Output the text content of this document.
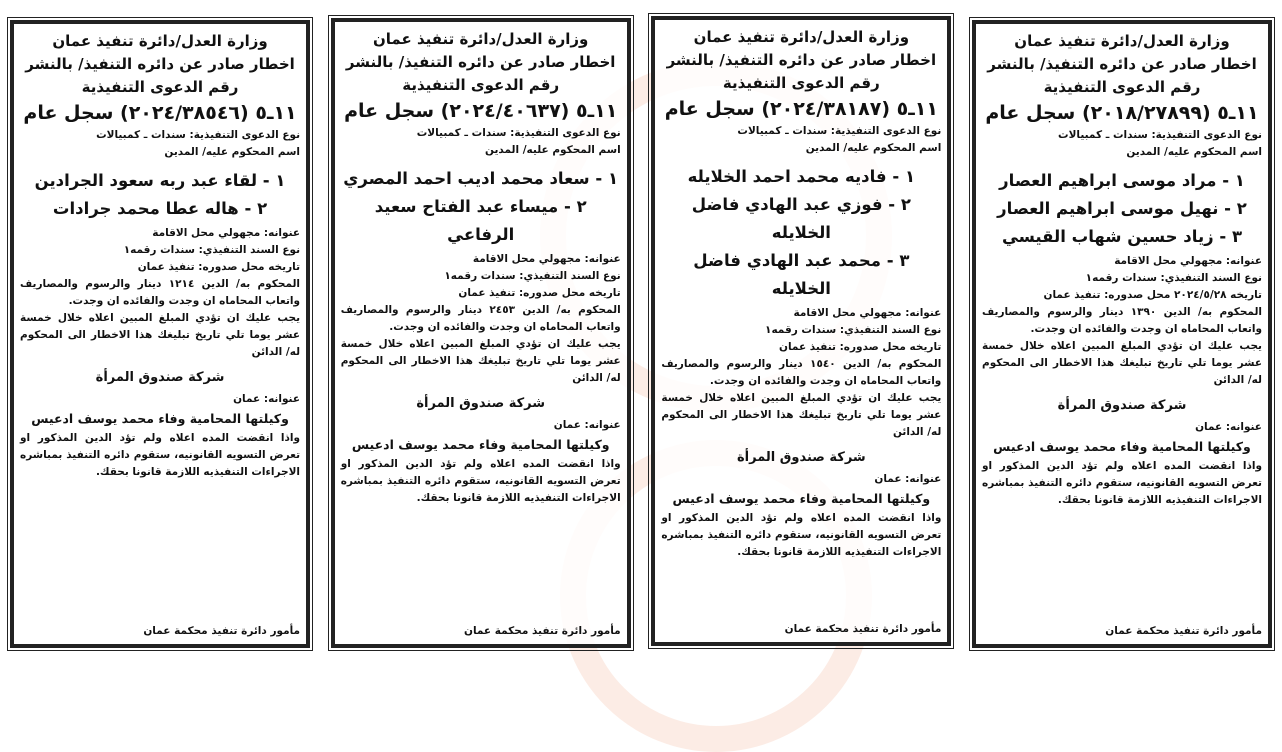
وزارة العدل/دائرة تنفيذ عمان
اخطار صادر عن دائره التنفيذ/ بالنشر
رقم الدعوى التنفيذية
١١ـ٥ (٢٠١٨/٢٧٨٩٩) سجل عام
نوع الدعوى التنفيذية: سندات ـ كمبيالات
اسم المحكوم عليه/ المدين
١ - مراد موسى ابراهيم العصار
٢ - نهيل موسى ابراهيم العصار
٣ - زياد حسين شهاب القيسي
عنوانه: مجهولي محل الاقامة
نوع السند التنفيذي: سندات رقمه١
تاريخه ٢٠٢٤/٥/٢٨ محل صدوره: تنفيذ عمان
المحكوم به/ الدين ١٣٩٠ دينار والرسوم والمصاريف واتعاب المحاماه ان وجدت والفائده ان وجدت.
يجب عليك ان تؤدي المبلغ المبين اعلاه خلال خمسة عشر يوما تلي تاريخ تبليغك هذا الاخطار الى المحكوم له/ الدائن
شركة صندوق المرأة
عنوانه: عمان
وكيلتها المحامية وفاء محمد يوسف ادعيس
واذا انقضت المده اعلاه ولم تؤد الدين المذكور او تعرض التسويه القانونيه، ستقوم دائره التنفيذ بمباشره الاجراءات التنفيذيه اللازمة قانونا بحقك.
مأمور دائرة تنفيذ محكمة عمان
وزارة العدل/دائرة تنفيذ عمان
اخطار صادر عن دائره التنفيذ/ بالنشر
رقم الدعوى التنفيذية
١١ـ٥ (٢٠٢٤/٣٨١٨٧) سجل عام
نوع الدعوى التنفيذية: سندات ـ كمبيالات
اسم المحكوم عليه/ المدين
١ - فاديه محمد احمد الخلايله
٢ - فوزي عبد الهادي فاضل الخلايله
٣ - محمد عبد الهادي فاضل الخلايله
عنوانه: مجهولي محل الاقامة
نوع السند التنفيذي: سندات رقمه١
تاريخه محل صدوره: تنفيذ عمان
المحكوم به/ الدين ١٥٤٠ دينار والرسوم والمصاريف واتعاب المحاماه ان وجدت والفائده ان وجدت.
يجب عليك ان تؤدي المبلغ المبين اعلاه خلال خمسة عشر يوما تلي تاريخ تبليغك هذا الاخطار الى المحكوم له/ الدائن
شركة صندوق المرأة
عنوانه: عمان
وكيلتها المحامية وفاء محمد يوسف ادعيس
واذا انقضت المده اعلاه ولم تؤد الدين المذكور او تعرض التسويه القانونيه، ستقوم دائره التنفيذ بمباشره الاجراءات التنفيذيه اللازمة قانونا بحقك.
مأمور دائرة تنفيذ محكمة عمان
وزارة العدل/دائرة تنفيذ عمان
اخطار صادر عن دائره التنفيذ/ بالنشر
رقم الدعوى التنفيذية
١١ـ٥ (٢٠٢٤/٤٠٦٣٧) سجل عام
نوع الدعوى التنفيذية: سندات ـ كمبيالات
اسم المحكوم عليه/ المدين
١ - سعاد محمد اديب احمد المصري
٢ - ميساء عبد الفتاح سعيد الرفاعي
عنوانه: مجهولي محل الاقامة
نوع السند التنفيذي: سندات رقمه١
تاريخه محل صدوره: تنفيذ عمان
المحكوم به/ الدين ٢٤٥٣ دينار والرسوم والمصاريف واتعاب المحاماه ان وجدت والفائده ان وجدت.
يجب عليك ان تؤدي المبلغ المبين اعلاه خلال خمسة عشر يوما تلي تاريخ تبليغك هذا الاخطار الى المحكوم له/ الدائن
شركة صندوق المرأة
عنوانه: عمان
وكيلتها المحامية وفاء محمد يوسف ادعيس
واذا انقضت المده اعلاه ولم تؤد الدين المذكور او تعرض التسويه القانونيه، ستقوم دائره التنفيذ بمباشره الاجراءات التنفيذيه اللازمة قانونا بحقك.
مأمور دائرة تنفيذ محكمة عمان
وزارة العدل/دائرة تنفيذ عمان
اخطار صادر عن دائره التنفيذ/ بالنشر
رقم الدعوى التنفيذية
١١ـ٥ (٢٠٢٤/٣٨٥٤٦) سجل عام
نوع الدعوى التنفيذية: سندات ـ كمبيالات
اسم المحكوم عليه/ المدين
١ - لقاء عبد ربه سعود الجرادين
٢ - هاله عطا محمد جرادات
عنوانه: مجهولي محل الاقامة
نوع السند التنفيذي: سندات رقمه١
تاريخه محل صدوره: تنفيذ عمان
المحكوم به/ الدين ١٢١٤ دينار والرسوم والمصاريف واتعاب المحاماه ان وجدت والفائده ان وجدت.
يجب عليك ان تؤدي المبلغ المبين اعلاه خلال خمسة عشر يوما تلي تاريخ تبليغك هذا الاخطار الى المحكوم له/ الدائن
شركة صندوق المرأة
عنوانه: عمان
وكيلتها المحامية وفاء محمد يوسف ادعيس
واذا انقضت المده اعلاه ولم تؤد الدين المذكور او تعرض التسويه القانونيه، ستقوم دائره التنفيذ بمباشره الاجراءات التنفيذيه اللازمة قانونا بحقك.
مأمور دائرة تنفيذ محكمة عمان
